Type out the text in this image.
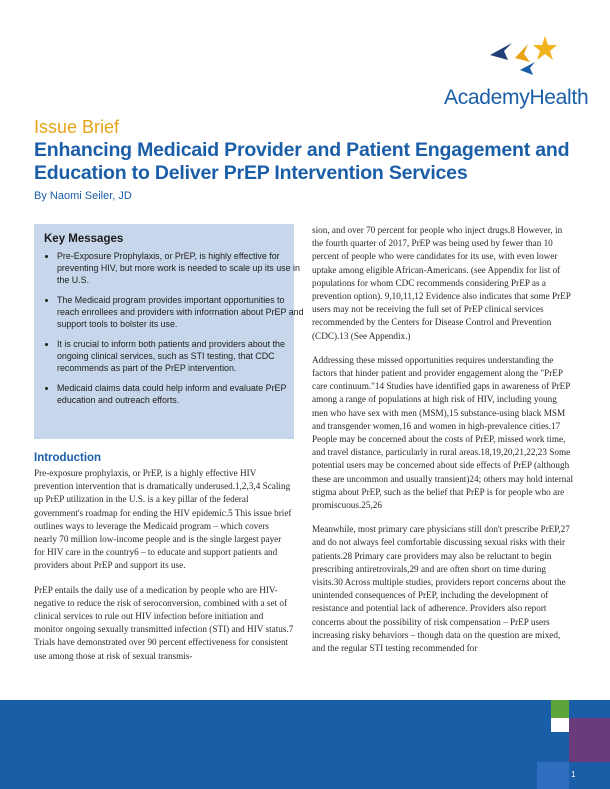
AcademyHealth
Issue Brief
Enhancing Medicaid Provider and Patient Engagement and Education to Deliver PrEP Intervention Services
By Naomi Seiler, JD
Key Messages
• Pre-Exposure Prophylaxis, or PrEP, is highly effective for preventing HIV, but more work is needed to scale up its use in the U.S.
• The Medicaid program provides important opportunities to reach enrollees and providers with information about PrEP and support tools to bolster its use.
• It is crucial to inform both patients and providers about the ongoing clinical services, such as STI testing, that CDC recommends as part of the PrEP intervention.
• Medicaid claims data could help inform and evaluate PrEP education and outreach efforts.
Introduction

Pre-exposure prophylaxis, or PrEP, is a highly effective HIV prevention intervention that is dramatically underused.1,2,3,4 Scaling up PrEP utilization in the U.S. is a key pillar of the federal government's roadmap for ending the HIV epidemic.5 This issue brief outlines ways to leverage the Medicaid program – which covers nearly 70 million low-income people and is the single largest payer for HIV care in the country6 – to educate and support patients and providers about PrEP and support its use.

PrEP entails the daily use of a medication by people who are HIV-negative to reduce the risk of seroconversion, combined with a set of clinical services to rule out HIV infection before initiation and monitor ongoing sexually transmitted infection (STI) and HIV status.7 Trials have demonstrated over 90 percent effectiveness for consistent use among those at risk of sexual transmis-

sion, and over 70 percent for people who inject drugs.8 However, in the fourth quarter of 2017, PrEP was being used by fewer than 10 percent of people who were candidates for its use, with even lower uptake among eligible African-Americans. (see Appendix for list of populations for whom CDC recommends considering PrEP as a prevention option). 9,10,11,12 Evidence also indicates that some PrEP users may not be receiving the full set of PrEP clinical services recommended by the Centers for Disease Control and Prevention (CDC).13 (See Appendix.)

Addressing these missed opportunities requires understanding the factors that hinder patient and provider engagement along the "PrEP care continuum."14 Studies have identified gaps in awareness of PrEP among a range of populations at high risk of HIV, including young men who have sex with men (MSM),15 substance-using black MSM and transgender women,16 and women in high-prevalence cities.17 People may be concerned about the costs of PrEP, missed work time, and travel distance, particularly in rural areas.18,19,20,21,22,23 Some potential users may be concerned about side effects of PrEP (although these are uncommon and usually transient)24; others may hold internal stigma about PrEP, such as the belief that PrEP is for people who are promiscuous.25,26

Meanwhile, most primary care physicians still don't prescribe PrEP,27 and do not always feel comfortable discussing sexual risks with their patients.28 Primary care providers may also be reluctant to begin prescribing antiretrovirals,29 and are often short on time during visits.30 Across multiple studies, providers report concerns about the unintended consequences of PrEP, including the development of resistance and potential lack of adherence. Providers also report concerns about the possibility of risk compensation – PrEP users increasing risky behaviors – though data on the question are mixed, and the regular STI testing recommended for

1
